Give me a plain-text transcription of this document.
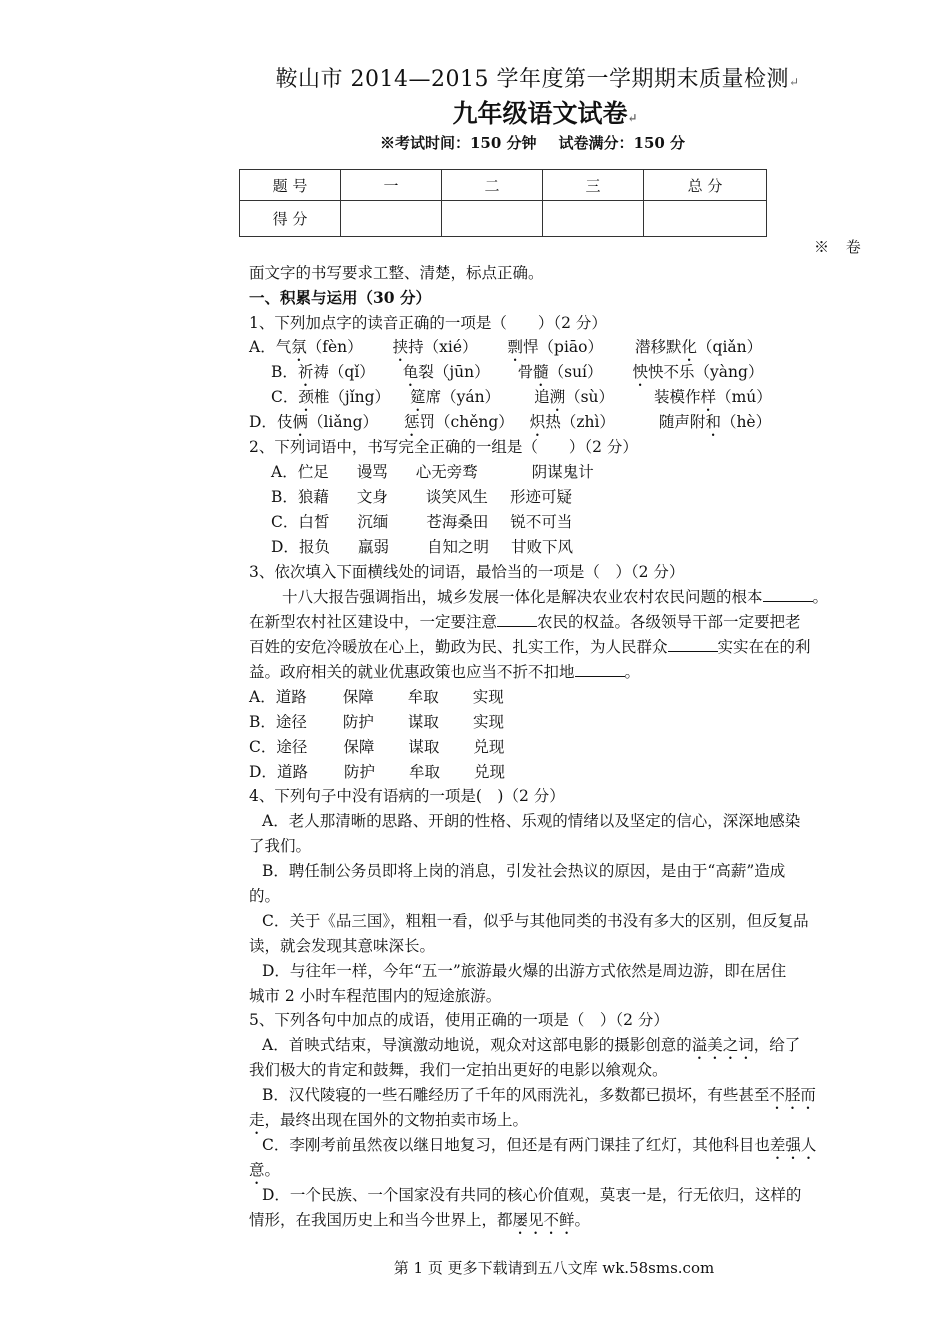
鞍山市 2014—2015 学年度第一学期期末质量检测↵
九年级语文试卷↵
※考试时间：150 分钟 试卷满分：150 分
题 号	一	二	三	总 分
得 分				
※ 卷
面文字的书写要求工整、清楚，标点正确。
一、积累与运用（30 分）
1、下列加点字的读音正确的一项是（　　）（2 分）
A．气氛（fèn） 挟持（xié） 剽悍（piāo） 潜移默化（qiǎn）
B．祈祷（qǐ） 龟裂（jūn） 骨髓（suí） 怏怏不乐（yàng）
C．颈椎（jǐng） 筵席（yán） 追溯（sù）	装模作样（mú）
D．伎俩（liǎng） 惩罚（chěng） 炽热（zhì）	随声附和（hè）
2、下列词语中，书写完全正确的一组是（　　）（2 分）
A．伫足 谩骂 心无旁骛	阴谋鬼计
B．狼藉 文身 谈笑风生 形迹可疑
C．白皙 沉缅 苍海桑田 锐不可当
D．报负 羸弱 自知之明 甘败下风
3、依次填入下面横线处的词语，最恰当的一项是（　）（2 分）
十八大报告强调指出，城乡发展一体化是解决农业农村农民问题的根本	。
在新型农村社区建设中，一定要注意	农民的权益。各级领导干部一定要把老
百姓的安危冷暖放在心上，勤政为民、扎实工作，为人民群众	实实在在的利
益。政府相关的就业优惠政策也应当不折不扣地	。
A．道路 保障 牟取 实现
B．途径 防护 谋取 实现
C．途径 保障 谋取 兑现
D．道路 防护 牟取 兑现
4、下列句子中没有语病的一项是(　)（2 分）
A．老人那清晰的思路、开朗的性格、乐观的情绪以及坚定的信心，深深地感染
了我们。
B．聘任制公务员即将上岗的消息，引发社会热议的原因，是由于“高薪”造成
的。
C．关于《品三国》，粗粗一看，似乎与其他同类的书没有多大的区别，但反复品
读，就会发现其意味深长。
D．与往年一样，今年“五一”旅游最火爆的出游方式依然是周边游，即在居住
城市 2 小时车程范围内的短途旅游。
5、下列各句中加点的成语，使用正确的一项是（　）（2 分）
A．首映式结束，导演激动地说，观众对这部电影的摄影创意的溢美之词，给了
我们极大的肯定和鼓舞，我们一定拍出更好的电影以飨观众。
B．汉代陵寝的一些石雕经历了千年的风雨洗礼，多数都已损坏，有些甚至不胫而
走，最终出现在国外的文物拍卖市场上。
C．李刚考前虽然夜以继日地复习，但还是有两门课挂了红灯，其他科目也差强人
意。
D．一个民族、一个国家没有共同的核心价值观，莫衷一是，行无依归，这样的
情形，在我国历史上和当今世界上，都屡见不鲜。
第 1 页 更多下载请到五八文库 wk.58sms.com
